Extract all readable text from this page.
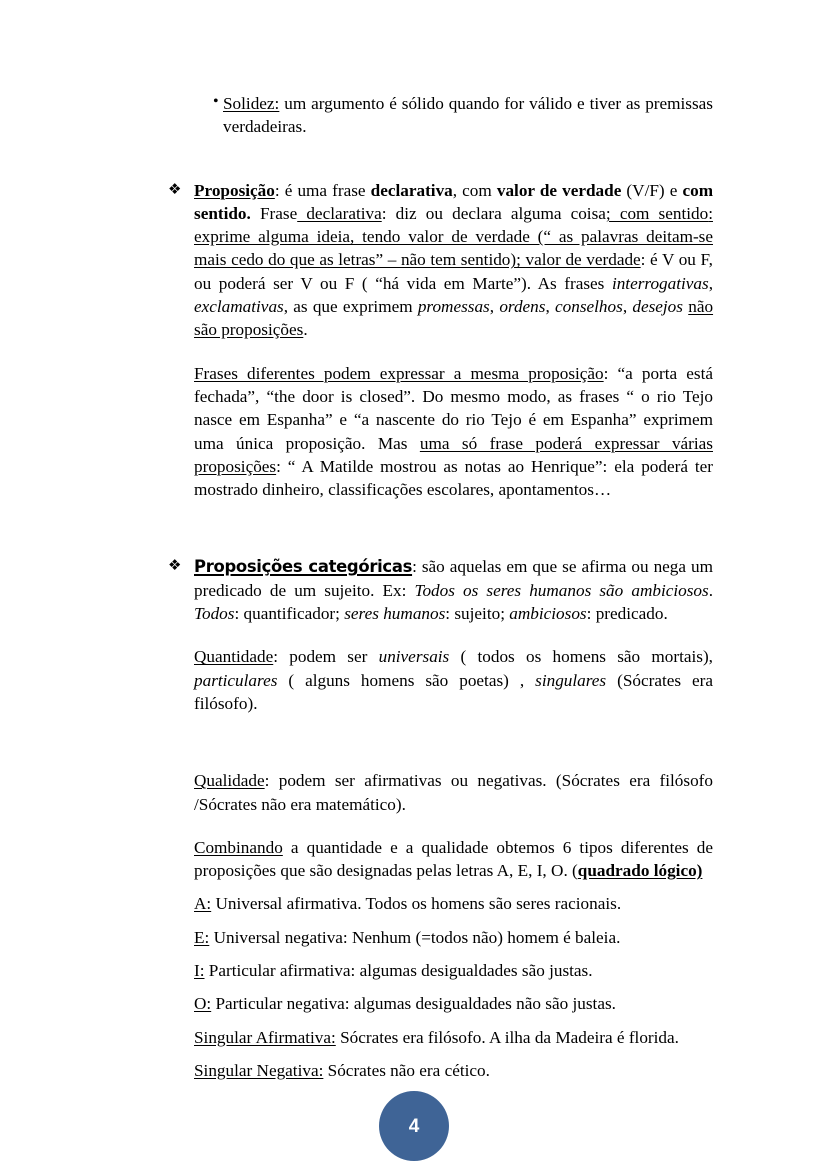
• Solidez: um argumento é sólido quando for válido e tiver as premissas verdadeiras.
❖ Proposição: é uma frase declarativa, com valor de verdade (V/F) e com sentido. Frase declarativa: diz ou declara alguma coisa; com sentido: exprime alguma ideia, tendo valor de verdade (“ as palavras deitam-se mais cedo do que as letras” – não tem sentido); valor de verdade: é V ou F, ou poderá ser V ou F ( “há vida em Marte”). As frases interrogativas, exclamativas, as que exprimem promessas, ordens, conselhos, desejos não são proposições.
Frases diferentes podem expressar a mesma proposição: “a porta está fechada”, “the door is closed”. Do mesmo modo, as frases “ o rio Tejo nasce em Espanha” e “a nascente do rio Tejo é em Espanha” exprimem uma única proposição. Mas uma só frase poderá expressar várias proposições: “ A Matilde mostrou as notas ao Henrique”: ela poderá ter mostrado dinheiro, classificações escolares, apontamentos…
❖ Proposições categóricas: são aquelas em que se afirma ou nega um predicado de um sujeito. Ex: Todos os seres humanos são ambiciosos. Todos: quantificador; seres humanos: sujeito; ambiciosos: predicado.
Quantidade: podem ser universais ( todos os homens são mortais), particulares ( alguns homens são poetas) , singulares (Sócrates era filósofo).
Qualidade: podem ser afirmativas ou negativas. (Sócrates era filósofo /Sócrates não era matemático).
Combinando a quantidade e a qualidade obtemos 6 tipos diferentes de proposições que são designadas pelas letras A, E, I, O. (quadrado lógico)
A: Universal afirmativa. Todos os homens são seres racionais.
E: Universal negativa: Nenhum (=todos não) homem é baleia.
I: Particular afirmativa: algumas desigualdades são justas.
O: Particular negativa: algumas desigualdades não são justas.
Singular Afirmativa: Sócrates era filósofo. A ilha da Madeira é florida.
Singular Negativa: Sócrates não era cético.
4
